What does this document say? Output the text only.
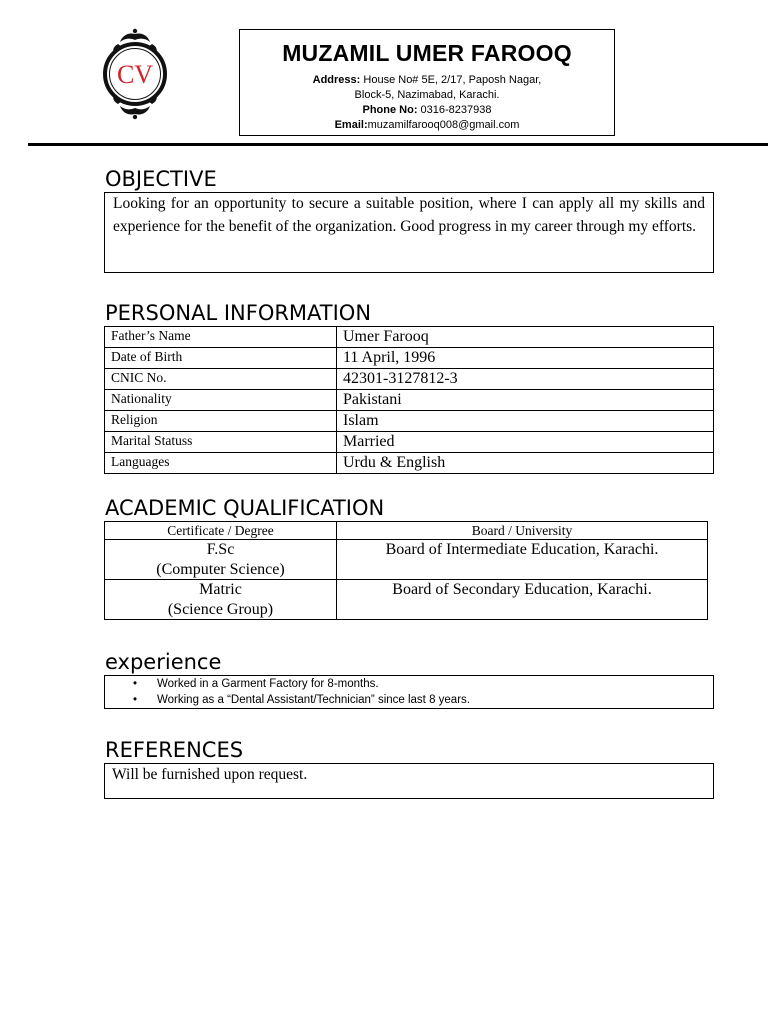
CV
MUZAMIL UMER FAROOQ
Address: House No# 5E, 2/17, Paposh Nagar,
Block-5, Nazimabad, Karachi.
Phone No: 0316-8237938
Email:muzamilfarooq008@gmail.com
OBJECTIVE

Looking for an opportunity to secure a suitable position, where I can apply all my skills and experience for the benefit of the organization. Good progress in my career through my efforts.

PERSONAL INFORMATION
Father’s Name	Umer Farooq
Date of Birth	11 April, 1996
CNIC No.	42301-3127812-3
Nationality	Pakistani
Religion	Islam
Marital Statuss	Married
Languages	Urdu & English
ACADEMIC QUALIFICATION
Certificate / Degree	Board / University

F.Sc
(Computer Science)	Board of Intermediate Education, Karachi.

Matric
(Science Group)	Board of Secondary Education, Karachi.
experience
• Worked in a Garment Factory for 8-months.
• Working as a “Dental Assistant/Technician” since last 8 years.
REFERENCES
Will be furnished upon request.
